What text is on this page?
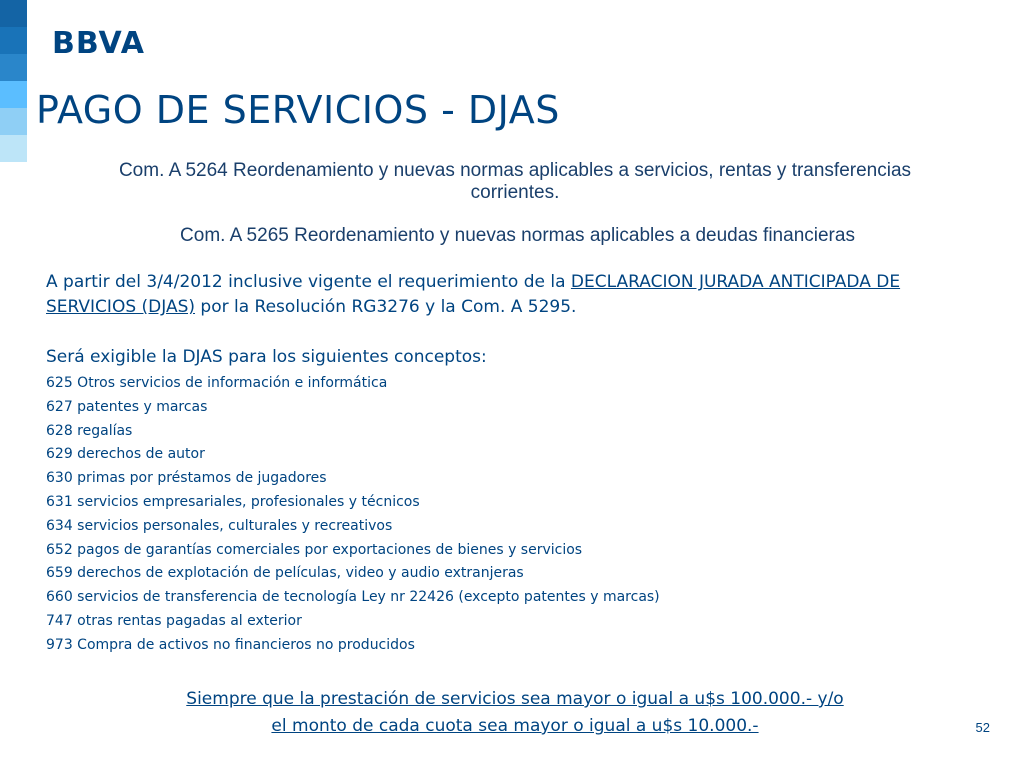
BBVA
PAGO DE SERVICIOS - DJAS
Com. A 5264 Reordenamiento y nuevas normas aplicables a servicios, rentas y transferencias corrientes.
Com. A 5265 Reordenamiento y nuevas normas aplicables a deudas financieras
A partir del 3/4/2012 inclusive vigente el requerimiento de la DECLARACION JURADA ANTICIPADA DE SERVICIOS (DJAS) por la Resolución RG3276 y la Com. A 5295.
Será exigible la DJAS para los siguientes conceptos:
625 Otros servicios de información e informática
627 patentes y marcas
628 regalías
629 derechos de autor
630 primas por préstamos de jugadores
631 servicios empresariales, profesionales y técnicos
634 servicios personales, culturales y recreativos
652 pagos de garantías comerciales por exportaciones de bienes y servicios
659 derechos de explotación de películas, video y audio extranjeras
660 servicios de transferencia de tecnología Ley nr 22426 (excepto patentes y marcas)
747 otras rentas pagadas al exterior
973 Compra de activos no financieros no producidos
Siempre que la prestación de servicios sea mayor o igual a u$s 100.000.- y/o
el monto de cada cuota sea mayor o igual a u$s 10.000.-	52
